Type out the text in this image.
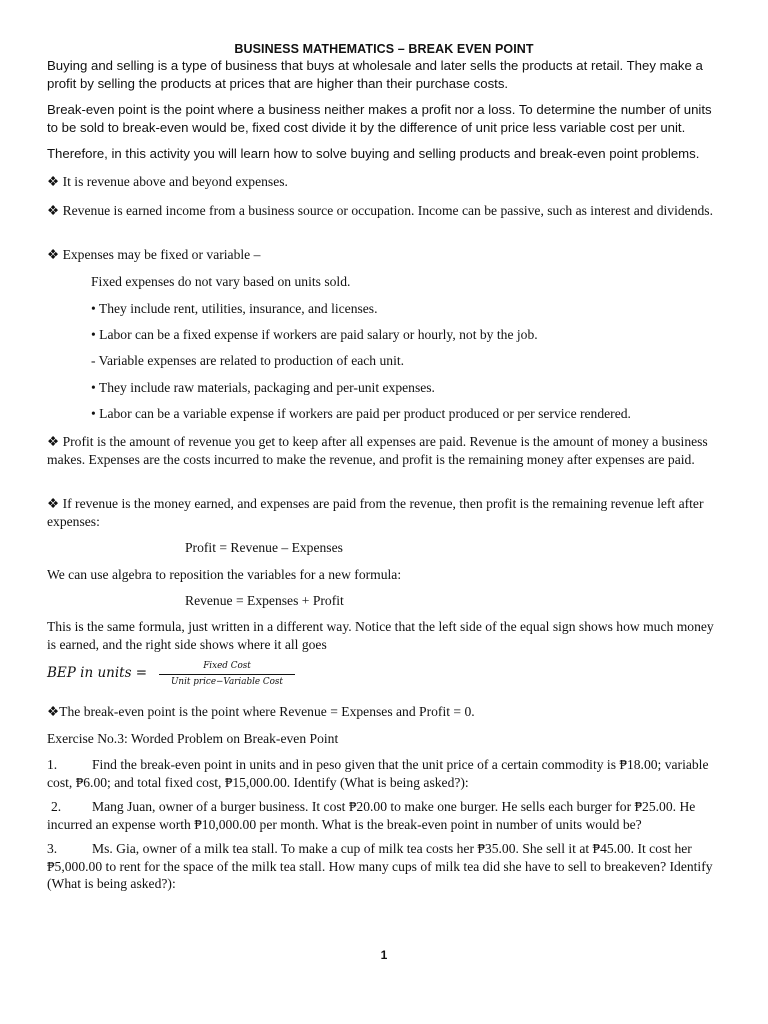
BUSINESS MATHEMATICS – BREAK EVEN POINT

Buying and selling is a type of business that buys at wholesale and later sells the products at retail. They make a profit by selling the products at prices that are higher than their purchase costs.

Break-even point is the point where a business neither makes a profit nor a loss. To determine the number of units to be sold to break-even would be, fixed cost divide it by the difference of unit price less variable cost per unit.

Therefore, in this activity you will learn how to solve buying and selling products and break-even point problems.

❖ It is revenue above and beyond expenses.

❖ Revenue is earned income from a business source or occupation. Income can be passive, such as interest and dividends.

❖ Expenses may be fixed or variable –

Fixed expenses do not vary based on units sold.

• They include rent, utilities, insurance, and licenses.

• Labor can be a fixed expense if workers are paid salary or hourly, not by the job.

- Variable expenses are related to production of each unit.

• They include raw materials, packaging and per-unit expenses.

• Labor can be a variable expense if workers are paid per product produced or per service rendered.

❖ Profit is the amount of revenue you get to keep after all expenses are paid. Revenue is the amount of money a business makes. Expenses are the costs incurred to make the revenue, and profit is the remaining money after expenses are paid.

❖ If revenue is the money earned, and expenses are paid from the revenue, then profit is the remaining revenue left after expenses:

Profit = Revenue – Expenses

We can use algebra to reposition the variables for a new formula:

Revenue = Expenses + Profit

This is the same formula, just written in a different way. Notice that the left side of the equal sign shows how much money is earned, and the right side shows where it all goes

BEP in units =	Fixed Cost
Unit price−Variable Cost

❖The break-even point is the point where Revenue = Expenses and Profit = 0.

Exercise No.3: Worded Problem on Break-even Point

1.	Find the break-even point in units and in peso given that the unit price of a certain commodity is ₱18.00; variable cost, ₱6.00; and total fixed cost, ₱15,000.00. Identify (What is being asked?):

2. Mang Juan, owner of a burger business. It cost ₱20.00 to make one burger. He sells each burger for ₱25.00. He incurred an expense worth ₱10,000.00 per month. What is the break-even point in number of units would be?

3.	Ms. Gia, owner of a milk tea stall. To make a cup of milk tea costs her ₱35.00. She sell it at ₱45.00. It cost her ₱5,000.00 to rent for the space of the milk tea stall. How many cups of milk tea did she have to sell to breakeven? Identify (What is being asked?):

1
